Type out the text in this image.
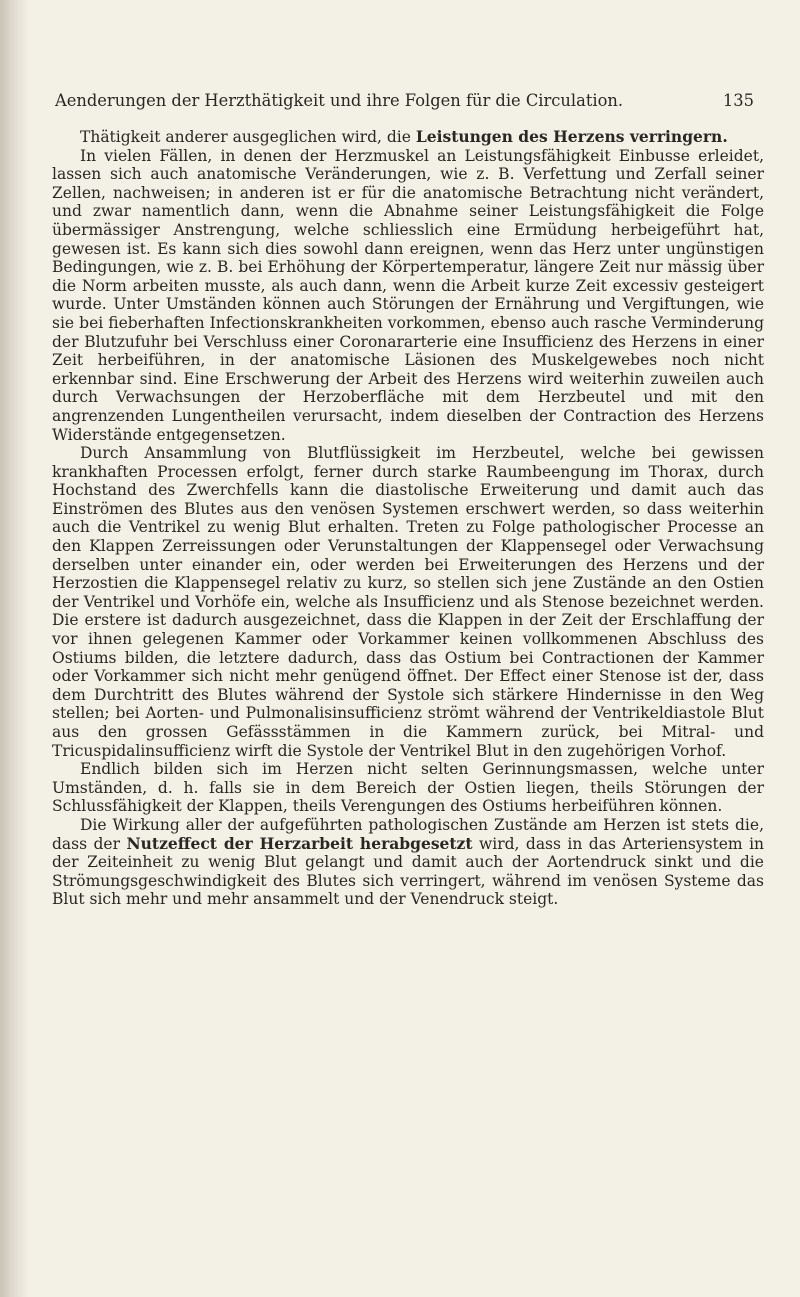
Aenderungen der Herzthätigkeit und ihre Folgen für die Circulation.	135

Thätigkeit anderer ausgeglichen wird, die Leistungen des Herzens verringern.

In vielen Fällen, in denen der Herzmuskel an Leistungsfähigkeit Einbusse erleidet, lassen sich auch anatomische Veränderungen, wie z. B. Verfettung und Zerfall seiner Zellen, nachweisen; in anderen ist er für die anatomische Betrachtung nicht verändert, und zwar namentlich dann, wenn die Abnahme seiner Leistungsfähigkeit die Folge übermässiger Anstrengung, welche schliesslich eine Ermüdung herbeigeführt hat, gewesen ist. Es kann sich dies sowohl dann ereignen, wenn das Herz unter ungünstigen Bedingungen, wie z. B. bei Erhöhung der Körpertemperatur, längere Zeit nur mässig über die Norm arbeiten musste, als auch dann, wenn die Arbeit kurze Zeit excessiv gesteigert wurde. Unter Umständen können auch Störungen der Ernährung und Vergiftungen, wie sie bei fieberhaften Infectionskrankheiten vorkommen, ebenso auch rasche Verminderung der Blutzufuhr bei Verschluss einer Coronararterie eine Insufficienz des Herzens in einer Zeit herbeiführen, in der anatomische Läsionen des Muskelgewebes noch nicht erkennbar sind. Eine Erschwerung der Arbeit des Herzens wird weiterhin zuweilen auch durch Verwachsungen der Herzoberfläche mit dem Herzbeutel und mit den angrenzenden Lungentheilen verursacht, indem dieselben der Contraction des Herzens Widerstände entgegensetzen.

Durch Ansammlung von Blutflüssigkeit im Herzbeutel, welche bei gewissen krankhaften Processen erfolgt, ferner durch starke Raumbeengung im Thorax, durch Hochstand des Zwerchfells kann die diastolische Erweiterung und damit auch das Einströmen des Blutes aus den venösen Systemen erschwert werden, so dass weiterhin auch die Ventrikel zu wenig Blut erhalten. Treten zu Folge pathologischer Processe an den Klappen Zerreissungen oder Verunstaltungen der Klappensegel oder Verwachsung derselben unter einander ein, oder werden bei Erweiterungen des Herzens und der Herzostien die Klappensegel relativ zu kurz, so stellen sich jene Zustände an den Ostien der Ventrikel und Vorhöfe ein, welche als Insufficienz und als Stenose bezeichnet werden. Die erstere ist dadurch ausgezeichnet, dass die Klappen in der Zeit der Erschlaffung der vor ihnen gelegenen Kammer oder Vorkammer keinen vollkommenen Abschluss des Ostiums bilden, die letztere dadurch, dass das Ostium bei Contractionen der Kammer oder Vorkammer sich nicht mehr genügend öffnet. Der Effect einer Stenose ist der, dass dem Durchtritt des Blutes während der Systole sich stärkere Hindernisse in den Weg stellen; bei Aorten- und Pulmonalisinsufficienz strömt während der Ventrikeldiastole Blut aus den grossen Gefässstämmen in die Kammern zurück, bei Mitral- und Tricuspidalinsufficienz wirft die Systole der Ventrikel Blut in den zugehörigen Vorhof.

Endlich bilden sich im Herzen nicht selten Gerinnungsmassen, welche unter Umständen, d. h. falls sie in dem Bereich der Ostien liegen, theils Störungen der Schlussfähigkeit der Klappen, theils Verengungen des Ostiums herbeiführen können.

Die Wirkung aller der aufgeführten pathologischen Zustände am Herzen ist stets die, dass der Nutzeffect der Herzarbeit herabgesetzt wird, dass in das Arteriensystem in der Zeiteinheit zu wenig Blut gelangt und damit auch der Aortendruck sinkt und die Strömungsgeschwindigkeit des Blutes sich verringert, während im venösen Systeme das Blut sich mehr und mehr ansammelt und der Venendruck steigt.
